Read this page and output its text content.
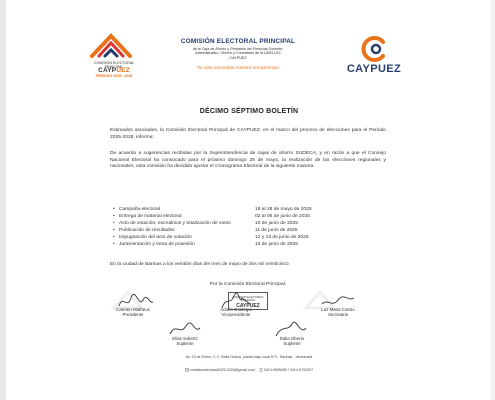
COMISIÓN ELECTORAL
PRINCIPAL
CAYPUEZ
PERIODO 2025 - 2028
COMISIÓN ELECTORAL PRINCIPAL
de la Caja de Ahorro y Préstamo del Personal Docente,
Administrativo, Obrero y Contratado de la UNELLEZ
CAYPUEZ
Tu voto consolida nuestro compromiso	CAYPUEZ
DÉCIMO SÉPTIMO BOLETÍN
Estimados asociados, la Comisión Electoral Principal de CAYPUEZ, en el marco del proceso de elecciones para el Periodo 2025-2028, informa:
De acuerdo a sugerencias recibidas por la Superintendencia de cajas de ahorro SUDECA, y en razón a que el Consejo Nacional Electoral ha convocado para el próximo domingo 25 de mayo, la realización de las elecciones regionales y nacionales, esta comisión ha decidido ajustar el Cronograma Electoral de la siguiente manera:
• Campaña electoral	19 al 28 de mayo de 2025
• Entrega de material electoral	02 al 06 de junio de 2025
• Acto de votación, escrutinios y totalización de votos	10 de junio de 2025
• Publicación de resultados	11 de junio de 2025
• Impugnación del acto de votación	12 y 13 de junio de 2025
• Juramentación y toma de posesión	16 de junio de 2025
En la ciudad de Barinas a los veintión días del mes de mayo de dos mil veinticinco.
Por la Comisión Electoral Principal.
Carmen Matheus
Presidente
Adolfo Ocategui
Vicepresidente
Luz Maria Castro
Secretaria
Elias Soliertz
Suplente
Dalia Oberto
Suplente
COMISIÓN ELECTORAL PRINCIPAL
CAYPUEZ
Av. 23 de Enero, C.C. Bella Gracia, planta baja, local N°3 - Barinas - Venezuela
comisionelectoral2025.2028@gmail.com	0414-5695455 / 0414-5752007
